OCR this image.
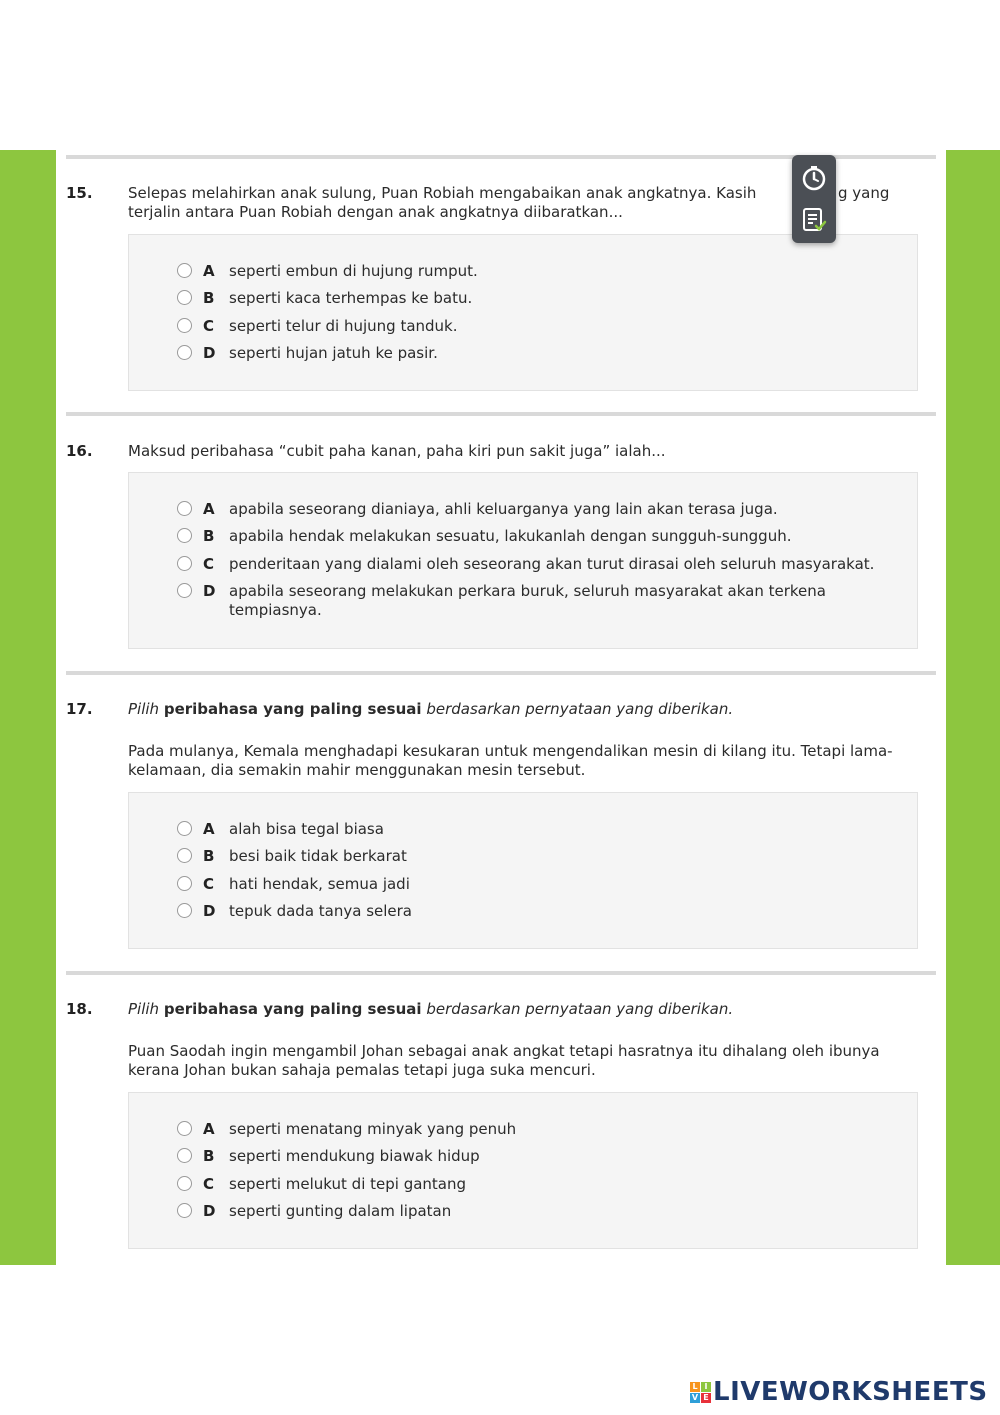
15. Selepas melahirkan anak sulung, Puan Robiah mengabaikan anak angkatnya. Kasih	g yang

terjalin antara Puan Robiah dengan anak angkatnya diibaratkan...
A seperti embun di hujung rumput.
B seperti kaca terhempas ke batu.
C seperti telur di hujung tanduk.
D seperti hujan jatuh ke pasir.
16. Maksud peribahasa “cubit paha kanan, paha kiri pun sakit juga” ialah...
A apabila seseorang dianiaya, ahli keluarganya yang lain akan terasa juga.
B apabila hendak melakukan sesuatu, lakukanlah dengan sungguh-sungguh.
C penderitaan yang dialami oleh seseorang akan turut dirasai oleh seluruh masyarakat.
D apabila seseorang melakukan perkara buruk, seluruh masyarakat akan terkena tempiasnya.
17. Pilih peribahasa yang paling sesuai berdasarkan pernyataan yang diberikan.
Pada mulanya, Kemala menghadapi kesukaran untuk mengendalikan mesin di kilang itu. Tetapi lama-kelamaan, dia semakin mahir menggunakan mesin tersebut.
A alah bisa tegal biasa
B besi baik tidak berkarat
C hati hendak, semua jadi
D tepuk dada tanya selera
18. Pilih peribahasa yang paling sesuai berdasarkan pernyataan yang diberikan.
Puan Saodah ingin mengambil Johan sebagai anak angkat tetapi hasratnya itu dihalang oleh ibunya kerana Johan bukan sahaja pemalas tetapi juga suka mencuri.
A seperti menatang minyak yang penuh
B seperti mendukung biawak hidup
C seperti melukut di tepi gantang
D seperti gunting dalam lipatan
L I
V E LIVEWORKSHEETS
